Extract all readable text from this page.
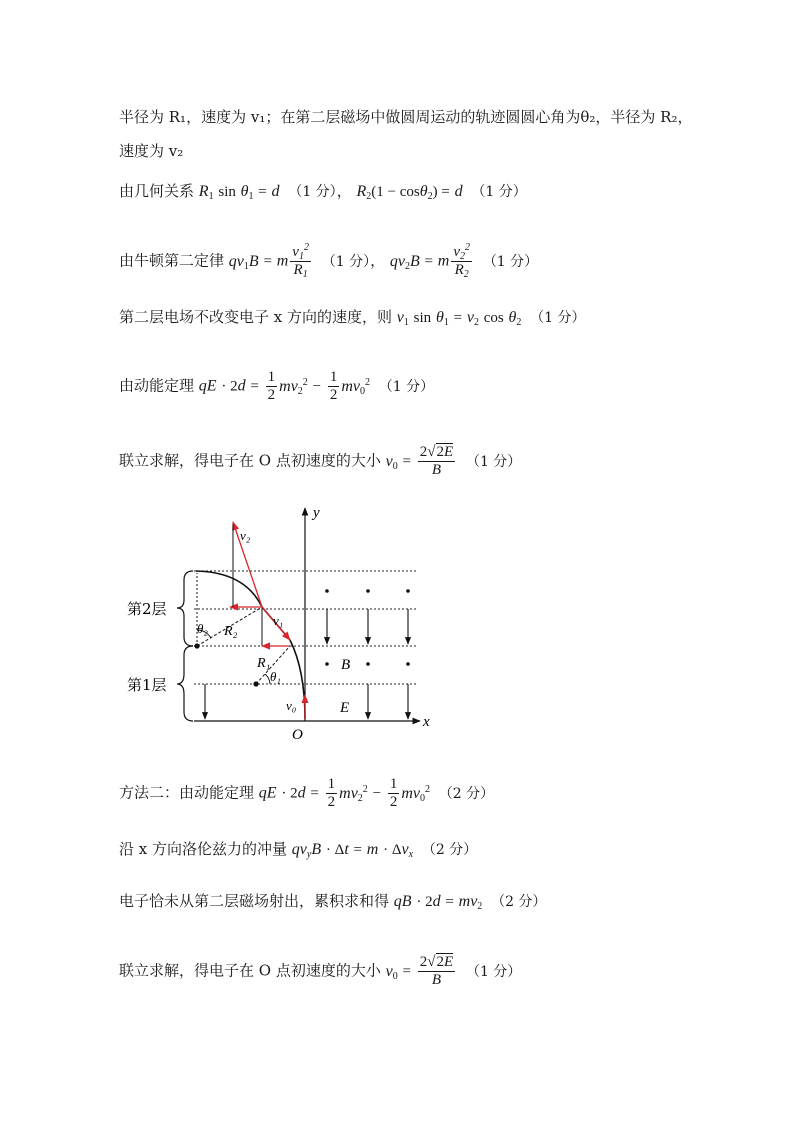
半径为 R₁，速度为 v₁；在第二层磁场中做圆周运动的轨迹圆圆心角为θ₂，半径为 R₂，
速度为 v₂
由几何关系 $R_1$ $\sin \theta_1 = d$ （1 分）， $R_2(1 - \cos\theta_2) = d$ （1 分）
由牛顿第二定律 $qv_1B = m \frac{v_1^2}{R_1} (1$ 分）， $qv_2B = m \frac{v_2^2}{R_2} (1$ 分）
第二层电场不改变电子 x 方向的速度，则 $v_1$ $\sin \theta_1 = v_2$ $\cos \theta_2$ （1 分）
由动能定理 qE · $2d = \frac{1}{2} mv_2^2 - \frac{1}{2} mv_0^2$ （1 分）
联立求解，得电子在 O 点初速度的大小 $v_0 = \frac{2√2E}{B} (1$ 分）
第2层
第1层
y
x
O
v₀
v₁
v₂
R₂
R₁
θ₂
θ₁
B
E
方法二：由动能定理 qE · $2d = \frac{1}{2} mv_2^2 - \frac{1}{2} mv_0^2$ （2 分）
沿 x 方向洛伦兹力的冲量 $qv_yB \cdot \Delta t = m \cdot \Delta v_x$ （2 分）
电子恰未从第二层磁场射出，累积求和得 qB · $2d = mv_2$ （2 分）
联立求解，得电子在 O 点初速度的大小 $v_0 = \frac{2√2E}{B} (1$ 分）
